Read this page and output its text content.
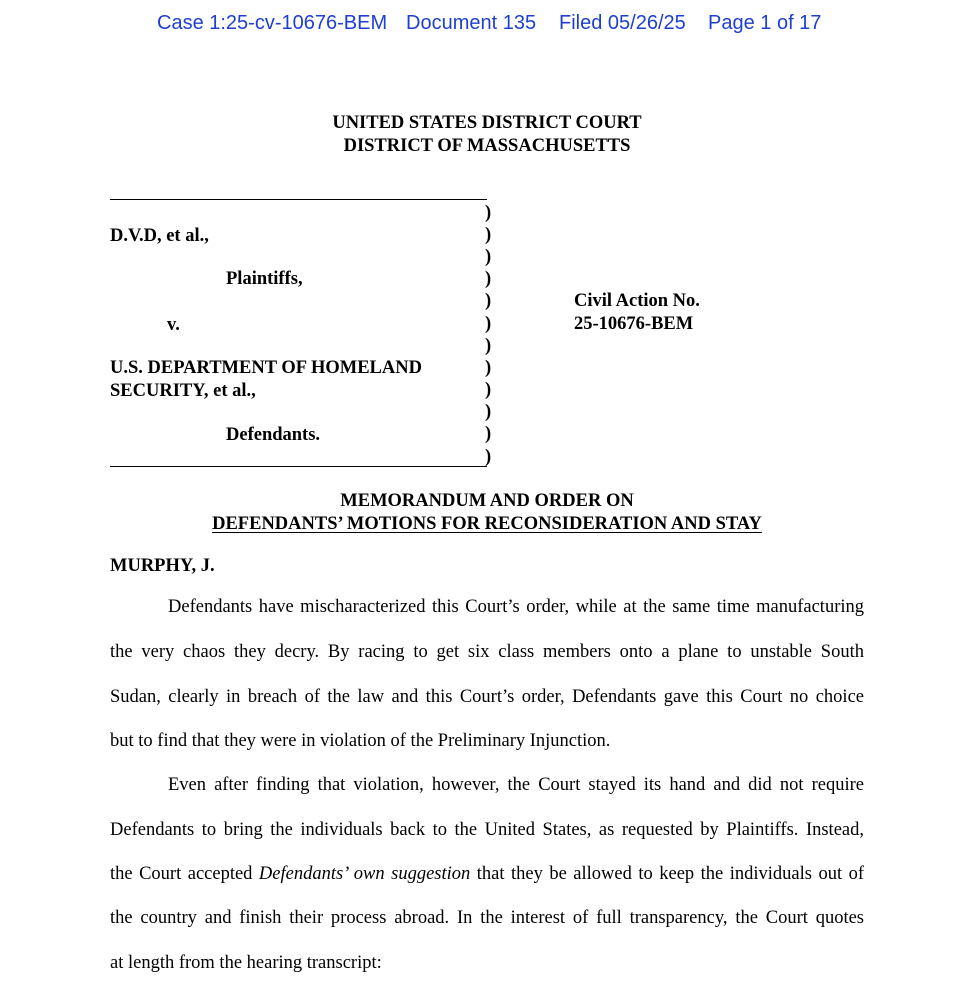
Case 1:25-cv-10676-BEM Document 135 Filed 05/26/25 Page 1 of 17
UNITED STATES DISTRICT COURT
DISTRICT OF MASSACHUSETTS
D.V.D, et al.,
Plaintiffs,
v.
U.S. DEPARTMENT OF HOMELAND
SECURITY, et al.,
Defendants.
)
)
)
)
)
)
)
)
)
)
)
)
Civil Action No.
25-10676-BEM
MEMORANDUM AND ORDER ON
DEFENDANTS’ MOTIONS FOR RECONSIDERATION AND STAY
MURPHY, J.
Defendants have mischaracterized this Court’s order, while at the same time manufacturing
the very chaos they decry. By racing to get six class members onto a plane to unstable South
Sudan, clearly in breach of the law and this Court’s order, Defendants gave this Court no choice
but to find that they were in violation of the Preliminary Injunction.
Even after finding that violation, however, the Court stayed its hand and did not require
Defendants to bring the individuals back to the United States, as requested by Plaintiffs. Instead,
the Court accepted Defendants’ own suggestion that they be allowed to keep the individuals out of
the country and finish their process abroad. In the interest of full transparency, the Court quotes
at length from the hearing transcript:
